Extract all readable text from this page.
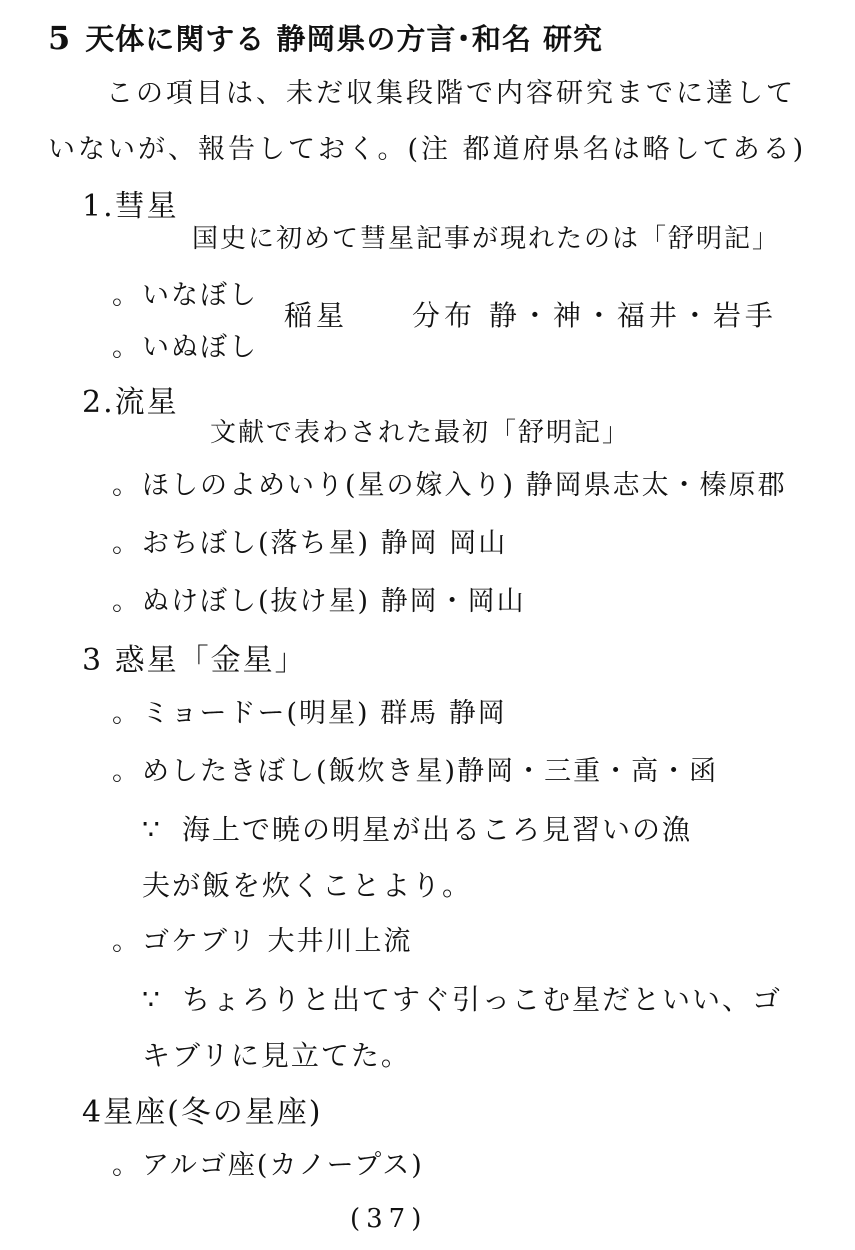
5 天体に関する 静岡県の方言･和名 研究
この項目は、未だ収集段階で内容研究までに達して
いないが、報告しておく。(注 都道府県名は略してある)
1.彗星
国史に初めて彗星記事が現れたのは「舒明記」
。いなぼし
。いぬぼし
稲星 分布 静・神・福井・岩手
2.流星
文献で表わされた最初「舒明記」
。ほしのよめいり(星の嫁入り) 静岡県志太・榛原郡
。おちぼし(落ち星) 静岡 岡山
。ぬけぼし(抜け星) 静岡・岡山
3 惑星「金星」
。ミョードー(明星) 群馬 静岡
。めしたきぼし(飯炊き星)静岡・三重・高・函
∵ 海上で暁の明星が出るころ見習いの漁
夫が飯を炊くことより。
。ゴケブリ 大井川上流
∵ ちょろりと出てすぐ引っこむ星だといい、ゴ
キブリに見立てた。
4星座(冬の星座)
。アルゴ座(カノープス)
(37)
